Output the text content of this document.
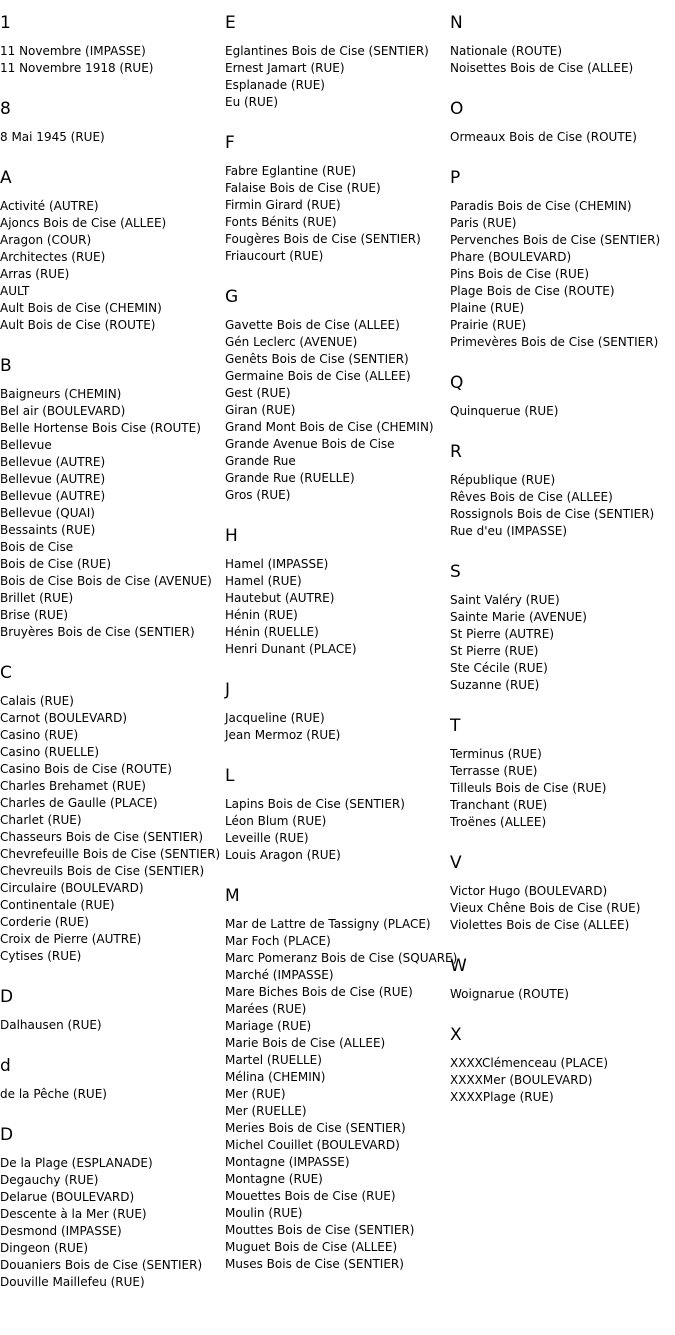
1
11 Novembre (IMPASSE)
11 Novembre 1918 (RUE)
8
8 Mai 1945 (RUE)
A
Activité (AUTRE)
Ajoncs Bois de Cise (ALLEE)
Aragon (COUR)
Architectes (RUE)
Arras (RUE)
AULT
Ault Bois de Cise (CHEMIN)
Ault Bois de Cise (ROUTE)
B
Baigneurs (CHEMIN)
Bel air (BOULEVARD)
Belle Hortense Bois Cise (ROUTE)
Bellevue
Bellevue (AUTRE)
Bellevue (AUTRE)
Bellevue (AUTRE)
Bellevue (QUAI)
Bessaints (RUE)
Bois de Cise
Bois de Cise (RUE)
Bois de Cise Bois de Cise (AVENUE)
Brillet (RUE)
Brise (RUE)
Bruyères Bois de Cise (SENTIER)
C
Calais (RUE)
Carnot (BOULEVARD)
Casino (RUE)
Casino (RUELLE)
Casino Bois de Cise (ROUTE)
Charles Brehamet (RUE)
Charles de Gaulle (PLACE)
Charlet (RUE)
Chasseurs Bois de Cise (SENTIER)
Chevrefeuille Bois de Cise (SENTIER)
Chevreuils Bois de Cise (SENTIER)
Circulaire (BOULEVARD)
Continentale (RUE)
Corderie (RUE)
Croix de Pierre (AUTRE)
Cytises (RUE)
D
Dalhausen (RUE)
d
de la Pêche (RUE)
D
De la Plage (ESPLANADE)
Degauchy (RUE)
Delarue (BOULEVARD)
Descente à la Mer (RUE)
Desmond (IMPASSE)
Dingeon (RUE)
Douaniers Bois de Cise (SENTIER)
Douville Maillefeu (RUE)
E
Eglantines Bois de Cise (SENTIER)
Ernest Jamart (RUE)
Esplanade (RUE)
Eu (RUE)
F
Fabre Eglantine (RUE)
Falaise Bois de Cise (RUE)
Firmin Girard (RUE)
Fonts Bénits (RUE)
Fougères Bois de Cise (SENTIER)
Friaucourt (RUE)
G
Gavette Bois de Cise (ALLEE)
Gén Leclerc (AVENUE)
Genêts Bois de Cise (SENTIER)
Germaine Bois de Cise (ALLEE)
Gest (RUE)
Giran (RUE)
Grand Mont Bois de Cise (CHEMIN)
Grande Avenue Bois de Cise
Grande Rue
Grande Rue (RUELLE)
Gros (RUE)
H
Hamel (IMPASSE)
Hamel (RUE)
Hautebut (AUTRE)
Hénin (RUE)
Hénin (RUELLE)
Henri Dunant (PLACE)
J
Jacqueline (RUE)
Jean Mermoz (RUE)
L
Lapins Bois de Cise (SENTIER)
Léon Blum (RUE)
Leveille (RUE)
Louis Aragon (RUE)
M
Mar de Lattre de Tassigny (PLACE)
Mar Foch (PLACE)
Marc Pomeranz Bois de Cise (SQUARE)
Marché (IMPASSE)
Mare Biches Bois de Cise (RUE)
Marées (RUE)
Mariage (RUE)
Marie Bois de Cise (ALLEE)
Martel (RUELLE)
Mélina (CHEMIN)
Mer (RUE)
Mer (RUELLE)
Meries Bois de Cise (SENTIER)
Michel Couillet (BOULEVARD)
Montagne (IMPASSE)
Montagne (RUE)
Mouettes Bois de Cise (RUE)
Moulin (RUE)
Mouttes Bois de Cise (SENTIER)
Muguet Bois de Cise (ALLEE)
Muses Bois de Cise (SENTIER)
N
Nationale (ROUTE)
Noisettes Bois de Cise (ALLEE)
O
Ormeaux Bois de Cise (ROUTE)
P
Paradis Bois de Cise (CHEMIN)
Paris (RUE)
Pervenches Bois de Cise (SENTIER)
Phare (BOULEVARD)
Pins Bois de Cise (RUE)
Plage Bois de Cise (ROUTE)
Plaine (RUE)
Prairie (RUE)
Primevères Bois de Cise (SENTIER)
Q
Quinquerue (RUE)
R
République (RUE)
Rêves Bois de Cise (ALLEE)
Rossignols Bois de Cise (SENTIER)
Rue d'eu (IMPASSE)
S
Saint Valéry (RUE)
Sainte Marie (AVENUE)
St Pierre (AUTRE)
St Pierre (RUE)
Ste Cécile (RUE)
Suzanne (RUE)
T
Terminus (RUE)
Terrasse (RUE)
Tilleuls Bois de Cise (RUE)
Tranchant (RUE)
Troënes (ALLEE)
V
Victor Hugo (BOULEVARD)
Vieux Chêne Bois de Cise (RUE)
Violettes Bois de Cise (ALLEE)
W
Woignarue (ROUTE)
X
XXXXClémenceau (PLACE)
XXXXMer (BOULEVARD)
XXXXPlage (RUE)
